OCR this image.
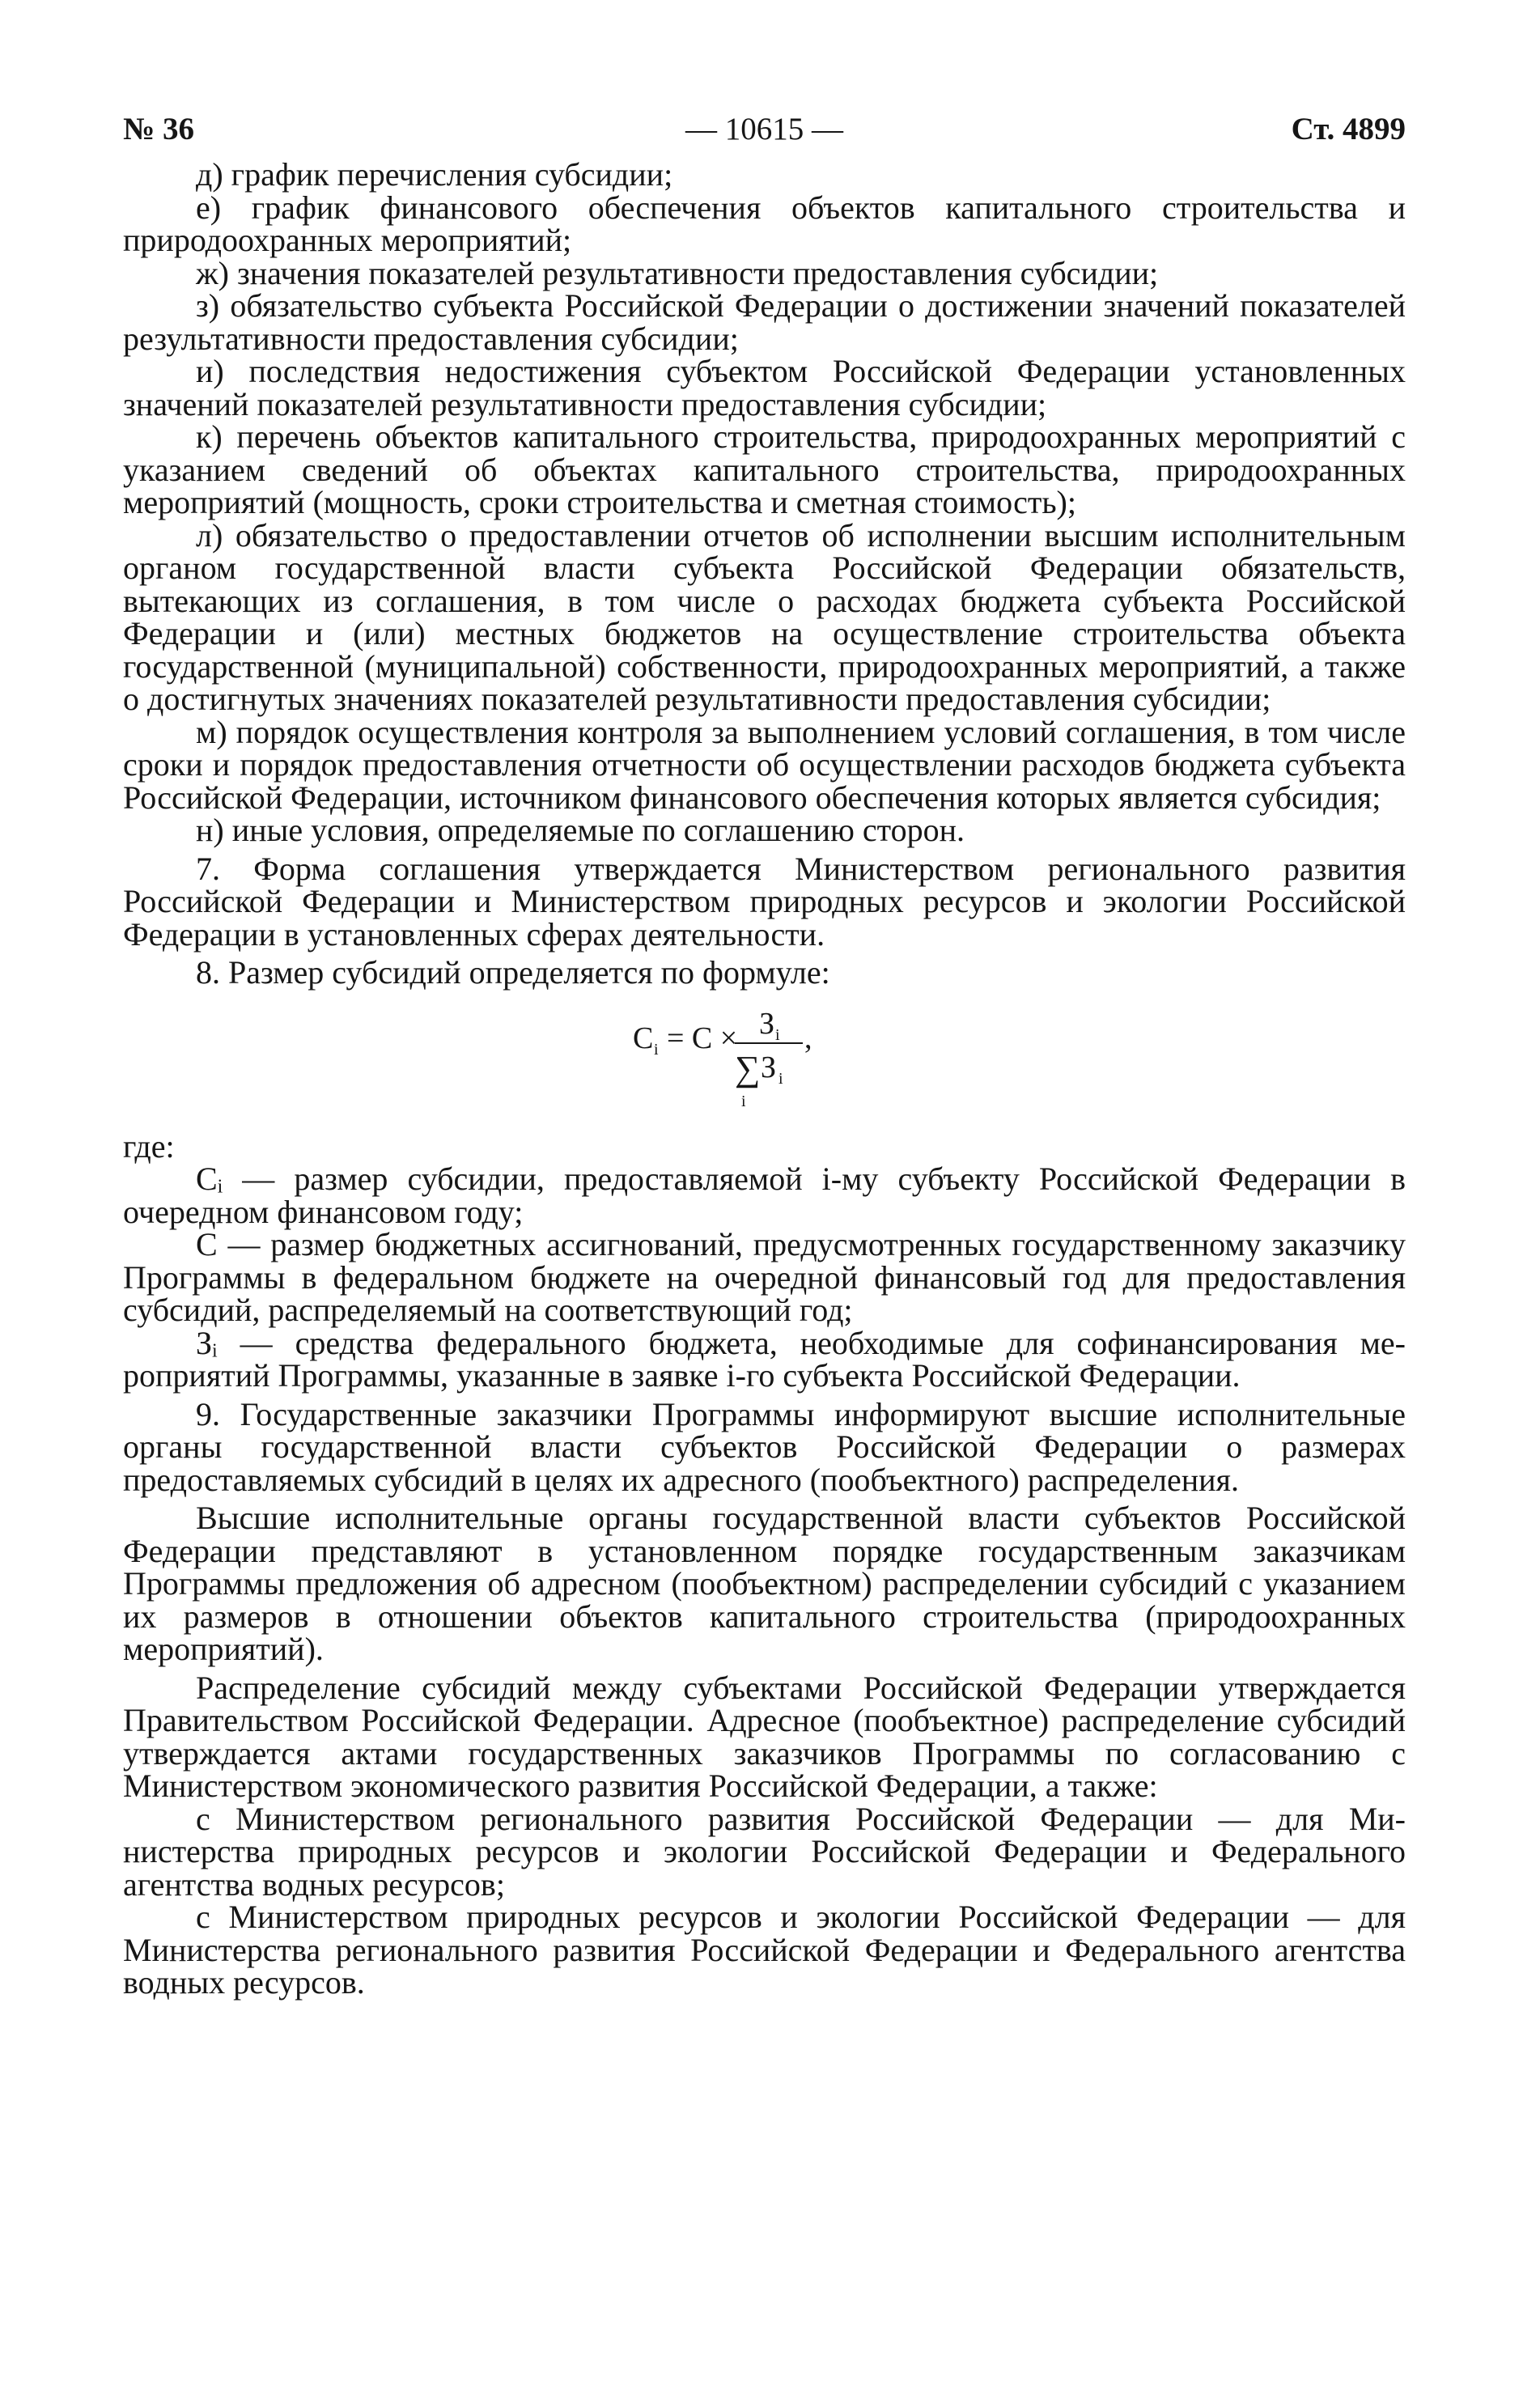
№ 36	— 10615 —	Ст. 4899

д) график перечисления субсидии;

е) график финансового обеспечения объектов капитального строительства и природоохранных мероприятий;

ж) значения показателей результативности предоставления субсидии;

з) обязательство субъекта Российской Федерации о достижении значений показателей результативности предоставления субсидии;

и) последствия недостижения субъектом Российской Федерации установленных значений показателей результативности предоставления субсидии;

к) перечень объектов капитального строительства, природоохранных мероприятий с указанием сведений об объектах капитального строительства, природоохранных мероприятий (мощность, сроки строительства и сметная стоимость);

л) обязательство о предоставлении отчетов об исполнении высшим исполнительным органом государственной власти субъекта Российской Федерации обязательств, вытекающих из соглашения, в том числе о расходах бюджета субъекта Российской Федерации и (или) местных бюджетов на осуществление строительства объекта государственной (муниципальной) собственности, природоохранных мероприятий, а также о достигнутых значениях показателей результативности предоставления субсидии;

м) порядок осуществления контроля за выполнением условий соглашения, в том числе сроки и порядок предоставления отчетности об осуществлении расходов бюджета субъекта Российской Федерации, источником финансового обеспечения которых является субсидия;

н) иные условия, определяемые по соглашению сторон.

7. Форма соглашения утверждается Министерством регионального развития Российской Федерации и Министерством природных ресурсов и экологии Российской Федерации в установленных сферах деятельности.

8. Размер субсидий определяется по формуле:

C i = C × З i
∑ З i
i
,

где:

Cᵢ — размер субсидии, предоставляемой i-му субъекту Российской Федерации в очередном финансовом году;

С — размер бюджетных ассигнований, предусмотренных государственному заказчику Программы в федеральном бюджете на очередной финансовый год для предоставления субсидий, распределяемый на соответствующий год;

Зᵢ — средства федерального бюджета, необходимые для софинансирования мероприятий Программы, указанные в заявке i-го субъекта Российской Федерации.

9. Государственные заказчики Программы информируют высшие исполнительные органы государственной власти субъектов Российской Федерации о размерах предоставляемых субсидий в целях их адресного (пообъектного) распределения.

Высшие исполнительные органы государственной власти субъектов Российской Федерации представляют в установленном порядке государственным заказчикам Программы предложения об адресном (пообъектном) распределении субсидий с указанием их размеров в отношении объектов капитального строительства (природоохранных мероприятий).

Распределение субсидий между субъектами Российской Федерации утверждается Правительством Российской Федерации. Адресное (пообъектное) распределение субсидий утверждается актами государственных заказчиков Программы по согласованию с Министерством экономического развития Российской Федерации, а также:

с Министерством регионального развития Российской Федерации — для Министерства природных ресурсов и экологии Российской Федерации и Федерального агентства водных ресурсов;

с Министерством природных ресурсов и экологии Российской Федерации — для Министерства регионального развития Российской Федерации и Федерального агентства водных ресурсов.
